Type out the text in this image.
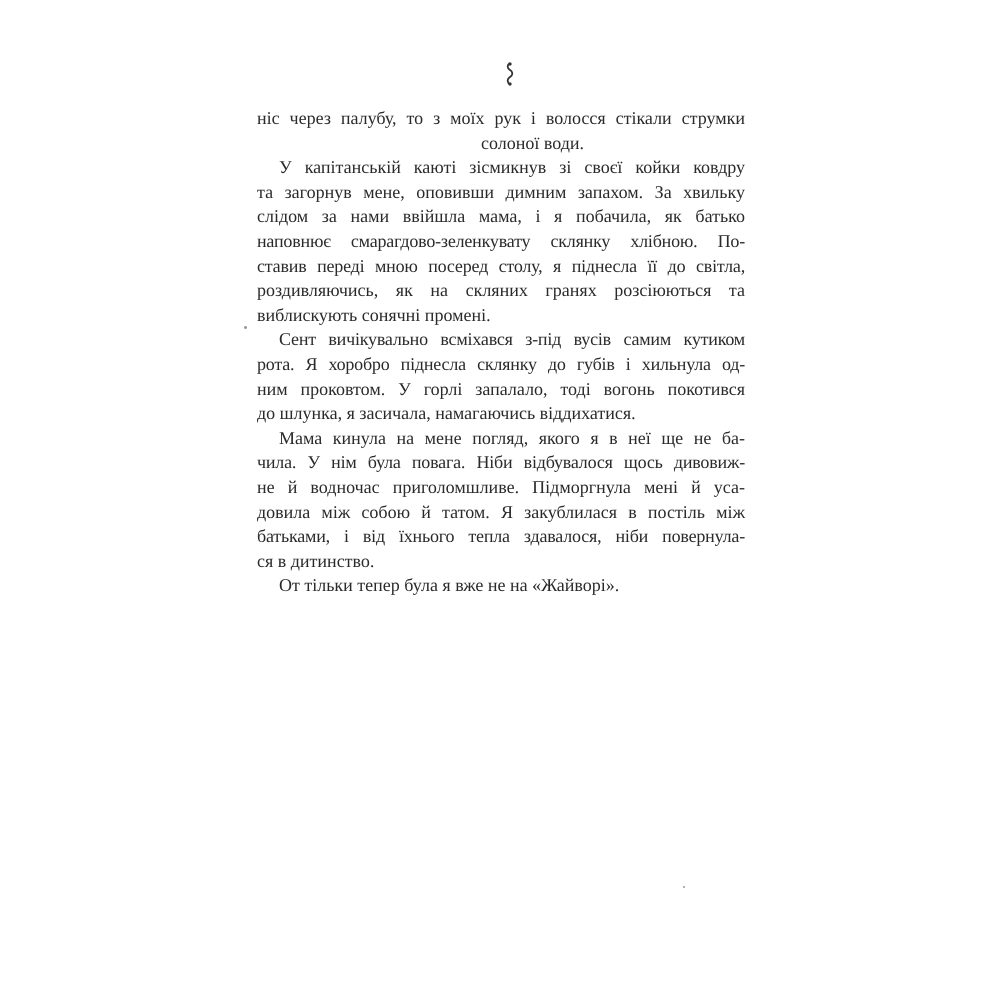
ніс через палубу, то з моїх рук і волосся стікали струмки
солоної води.
У капітанській каюті зісмикнув зі своєї койки ковдру
та загорнув мене, оповивши димним запахом. За хвильку
слідом за нами ввійшла мама, і я побачила, як батько
наповнює смарагдово-зеленкувату склянку хлібною. По-
ставив переді мною посеред столу, я піднесла її до світла,
роздивляючись, як на скляних гранях розсіюються та
виблискують сонячні промені.
Сент вичікувально всміхався з-під вусів самим кутиком
рота. Я хоробро піднесла склянку до губів і хильнула од-
ним проковтом. У горлі запалало, тоді вогонь покотився
до шлунка, я засичала, намагаючись віддихатися.
Мама кинула на мене погляд, якого я в неї ще не ба-
чила. У нім була повага. Ніби відбувалося щось дивовиж-
не й водночас приголомшливе. Підморгнула мені й уса-
довила між собою й татом. Я закублилася в постіль між
батьками, і від їхнього тепла здавалося, ніби повернула-
ся в дитинство.
От тільки тепер була я вже не на «Жайворі».
